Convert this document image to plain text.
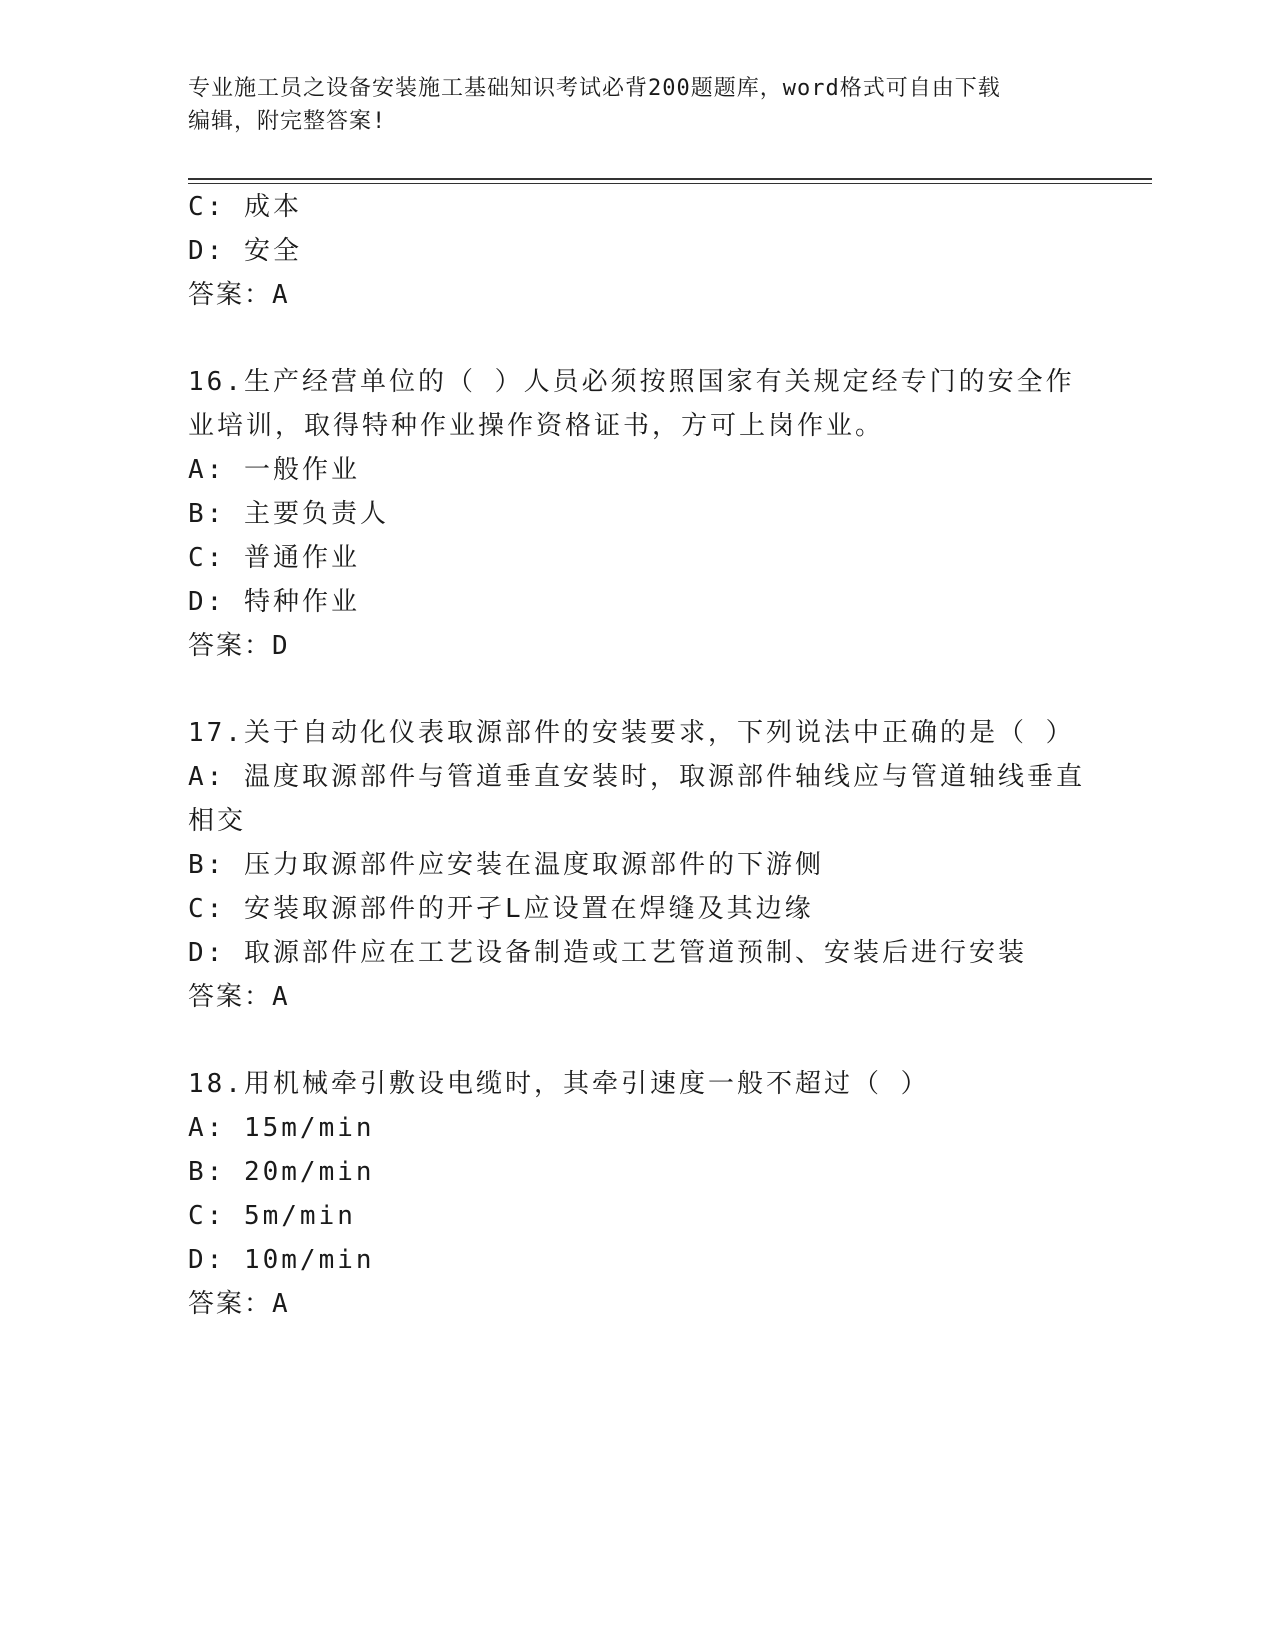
专业施工员之设备安装施工基础知识考试必背200题题库，word格式可自由下载
编辑，附完整答案!
C: 成本
D: 安全
答案：A
16.生产经营单位的（ ）人员必须按照国家有关规定经专门的安全作
业培训，取得特种作业操作资格证书，方可上岗作业。
A: 一般作业
B: 主要负责人
C: 普通作业
D: 特种作业
答案：D
17.关于自动化仪表取源部件的安装要求，下列说法中正确的是（ ）
A: 温度取源部件与管道垂直安装时，取源部件轴线应与管道轴线垂直
相交
B: 压力取源部件应安装在温度取源部件的下游侧
C: 安装取源部件的开孑L应设置在焊缝及其边缘
D: 取源部件应在工艺设备制造或工艺管道预制、安装后进行安装
答案：A
18.用机械牵引敷设电缆时，其牵引速度一般不超过（ ）
A: 15m/min
B: 20m/min
C: 5m/min
D: 10m/min
答案：A
